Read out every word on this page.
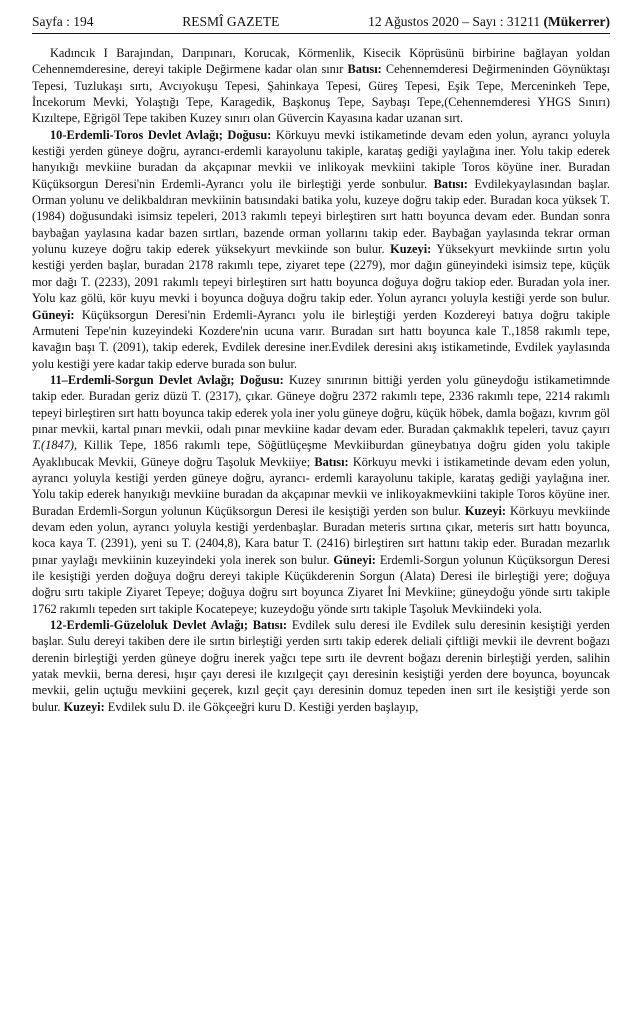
Sayfa : 194	RESMÎ GAZETE	12 Ağustos 2020 – Sayı : 31211 (Mükerrer)

Kadıncık I Barajından, Darıpınarı, Korucak, Körmenlik, Kisecik Köprüsünü birbirine bağlayan yoldan Cehennemderesine, dereyi takiple Değirmene kadar olan sınır Batısı: Cehennemderesi Değirmeninden Göynüktaşı Tepesi, Tuzlukaşı sırtı, Avcıyokuşu Tepesi, Şahinkaya Tepesi, Güreş Tepesi, Eşik Tepe, Merceninkeh Tepe, İncekorum Mevki, Yolaştığı Tepe, Karagedik, Başkonuş Tepe, Saybaşı Tepe,(Cehennemderesi YHGS Sınırı) Kızıltepe, Eğrigöl Tepe takiben Kuzey sınırı olan Güvercin Kayasına kadar uzanan sırt.

10-Erdemli-Toros Devlet Avlağı; Doğusu: Körkuyu mevki istikametinde devam eden yolun, ayrancı yoluyla kestiği yerden güneye doğru, ayrancı-erdemli karayolunu takiple, karataş gediği yaylağına iner. Yolu takip ederek hanyıkığı mevkiine buradan da akçapınar mevkii ve inlikoyak mevkiini takiple Toros köyüne iner. Buradan Küçüksorgun Deresi'nin Erdemli-Ayrancı yolu ile birleştiği yerde sonbulur. Batısı: Evdilekyaylasından başlar. Orman yolunu ve delikbaldıran mevkiinin batısındaki batika yolu, kuzeye doğru takip eder. Buradan koca yüksek T. (1984) doğusundaki isimsiz tepeleri, 2013 rakımlı tepeyi birleştiren sırt hattı boyunca devam eder. Bundan sonra baybağan yaylasına kadar bazen sırtları, bazende orman yollarını takip eder. Baybağan yaylasında tekrar orman yolunu kuzeye doğru takip ederek yüksekyurt mevkiinde son bulur. Kuzeyi: Yüksekyurt mevkiinde sırtın yolu kestiği yerden başlar, buradan 2178 rakımlı tepe, ziyaret tepe (2279), mor dağın güneyindeki isimsiz tepe, küçük mor dağı T. (2233), 2091 rakımlı tepeyi birleştiren sırt hattı boyunca doğuya doğru takiop eder. Buradan yola iner. Yolu kaz gölü, kör kuyu mevki i boyunca doğuya doğru takip eder. Yolun ayrancı yoluyla kestiği yerde son bulur. Güneyi: Küçüksorgun Deresi'nin Erdemli-Ayrancı yolu ile birleştiği yerden Kozdereyi batıya doğru takiple Armuteni Tepe'nin kuzeyindeki Kozdere'nin ucuna varır. Buradan sırt hattı boyunca kale T.,1858 rakımlı tepe, kavağın başı T. (2091), takip ederek, Evdilek deresine iner.Evdilek deresini akış istikametinde, Evdilek yaylasında yolu kestiği yere kadar takip ederve burada son bulur.

11–Erdemli-Sorgun Devlet Avlağı; Doğusu: Kuzey sınırının bittiği yerden yolu güneydoğu istikametimnde takip eder. Buradan geriz düzü T. (2317), çıkar. Güneye doğru 2372 rakımlı tepe, 2336 rakımlı tepe, 2214 rakımlı tepeyi birleştiren sırt hattı boyunca takip ederek yola iner yolu güneye doğru, küçük höbek, damla boğazı, kıvrım göl pınar mevkii, kartal pınarı mevkii, odalı pınar mevkiine kadar devam eder. Buradan çakmaklık tepeleri, tavuz çayırı T.(1847), Killik Tepe, 1856 rakımlı tepe, Söğütlüçeşme Mevkiiburdan güneybatıya doğru giden yolu takiple Ayaklıbucak Mevkii, Güneye doğru Taşoluk Mevkiiye; Batısı: Körkuyu mevki i istikametinde devam eden yolun, ayrancı yoluyla kestiği yerden güneye doğru, ayrancı- erdemli karayolunu takiple, karataş gediği yaylağına iner. Yolu takip ederek hanyıkığı mevkiine buradan da akçapınar mevkii ve inlikoyakmevkiini takiple Toros köyüne iner. Buradan Erdemli-Sorgun yolunun Küçüksorgun Deresi ile kesiştiği yerden son bulur. Kuzeyi: Körkuyu mevkiinde devam eden yolun, ayrancı yoluyla kestiği yerdenbaşlar. Buradan meteris sırtına çıkar, meteris sırt hattı boyunca, koca kaya T. (2391), yeni su T. (2404,8), Kara batur T. (2416) birleştiren sırt hattını takip eder. Buradan mezarlık pınar yaylağı mevkiinin kuzeyindeki yola inerek son bulur. Güneyi: Erdemli-Sorgun yolunun Küçüksorgun Deresi ile kesiştiği yerden doğuya doğru dereyi takiple Küçükderenin Sorgun (Alata) Deresi ile birleştiği yere; doğuya doğru sırtı takiple Ziyaret Tepeye; doğuya doğru sırt boyunca Ziyaret İni Mevkiine; güneydoğu yönde sırtı takiple 1762 rakımlı tepeden sırt takiple Kocatepeye; kuzeydoğu yönde sırtı takiple Taşoluk Mevkiindeki yola.

12-Erdemli-Güzeloluk Devlet Avlağı; Batısı: Evdilek sulu deresi ile Evdilek sulu deresinin kesiştiği yerden başlar. Sulu dereyi takiben dere ile sırtın birleştiği yerden sırtı takip ederek deliali çiftliği mevkii ile devrent boğazı derenin birleştiği yerden güneye doğru inerek yağcı tepe sırtı ile devrent boğazı derenin birleştiği yerden, salihin yatak mevkii, berna deresi, hışır çayı deresi ile kızılgeçit çayı deresinin kesiştiği yerden dere boyunca, boyuncak mevkii, gelin uçtuğu mevkiini geçerek, kızıl geçit çayı deresinin domuz tepeden inen sırt ile kesiştiği yerde son bulur. Kuzeyi: Evdilek sulu D. ile Gökçeeğri kuru D. Kestiği yerden başlayıp,
